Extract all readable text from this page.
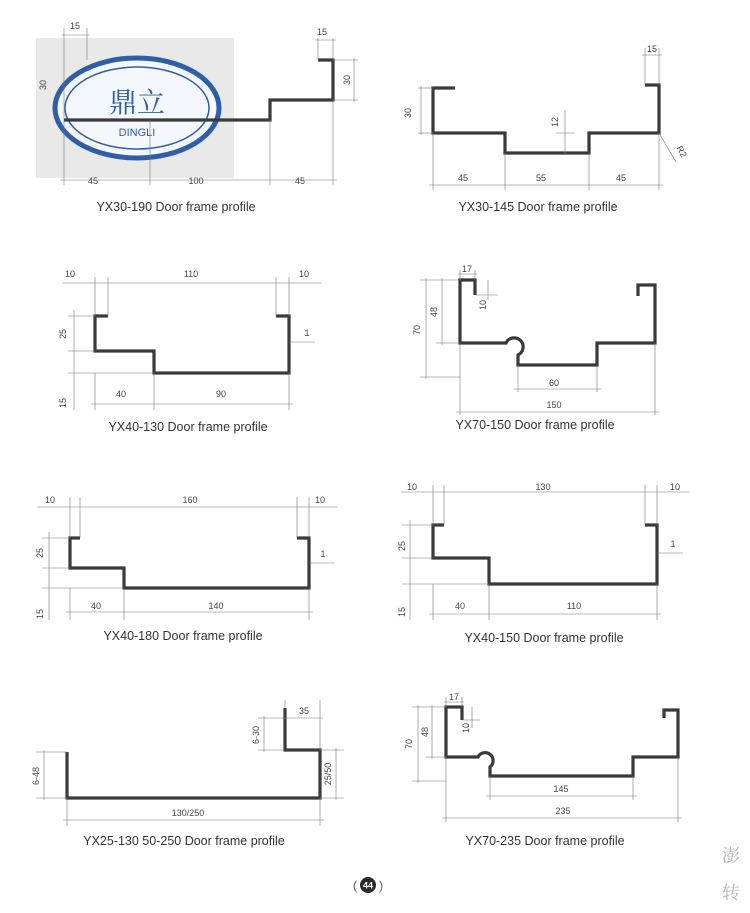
鼎立
DINGLI
15
30	30
15
45	100	45
YX30-190 Door frame profile
15
30
12
45	55	45
R2
YX30-145 Door frame profile
10	110	10
25	1
15
40	90
YX40-130 Door frame profile
17
70
48
10
60
150
YX70-150 Door frame profile
10	160	10
25	1
15
40	140
YX40-180 Door frame profile
10	130	10
25	1
15
40	110
YX40-150 Door frame profile
35
6-48
6-30
25/50
130/250
YX25-130 50-250 Door frame profile
17
70
48	10
145
235
YX70-235 Door frame profile
( 44 )
澎
转
